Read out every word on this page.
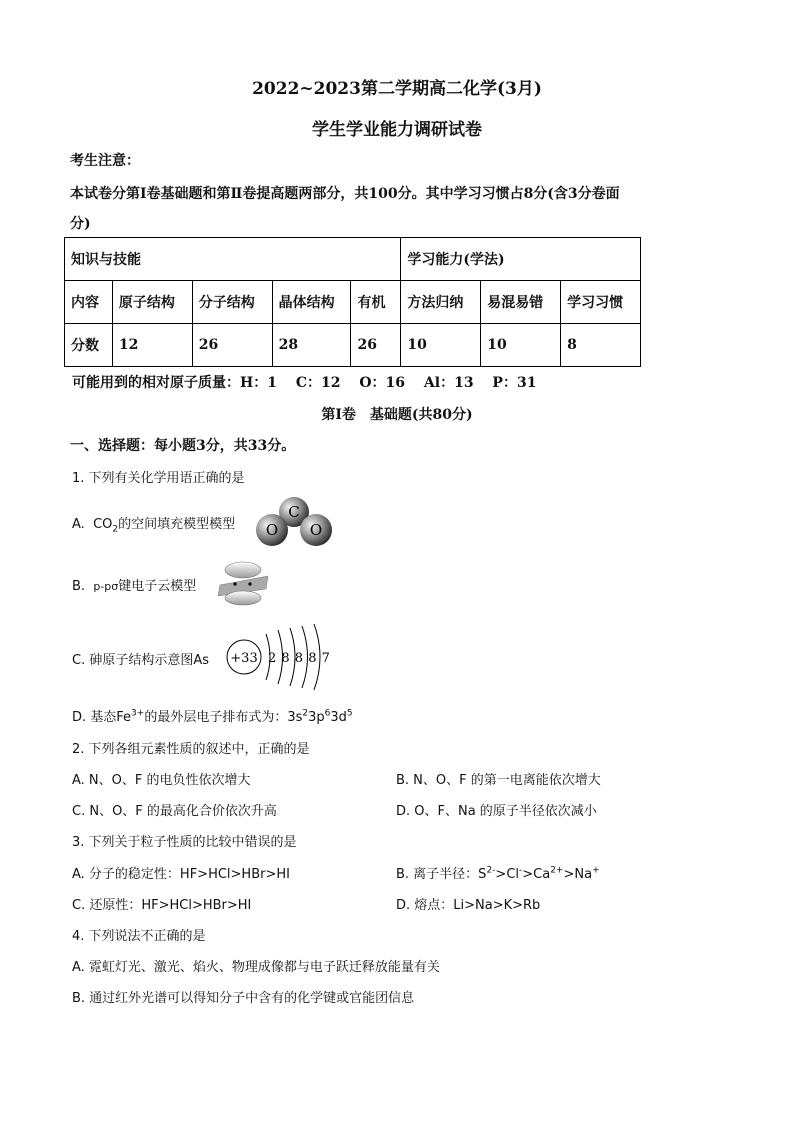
2022~2023第二学期高二化学(3月)
学生学业能力调研试卷
考生注意：
本试卷分第Ⅰ卷基础题和第Ⅱ卷提高题两部分，共100分。其中学习习惯占8分(含3分卷面
分)
知识与技能					学习能力(学法)		
内容	原子结构	分子结构	晶体结构	有机	方法归纳	易混易错	学习习惯
分数	12	26	28	26	10	10	8
可能用到的相对原子质量：H：1　 C：12　 O：16　 Al：13　 P：31
第Ⅰ卷　基础题(共80分)
一、选择题：每小题3分，共33分。
1. 下列有关化学用语正确的是
A. $CO_2$的空间填充模型模型 O
C
O
B. p-pσ键电子云模型
C. 砷原子结构示意图As +33 2 8 8 8 7
D. 基态$Fe^{3+}$的最外层电子排布式为：$3s^23p^63d^5$
2. 下列各组元素性质的叙述中，正确的是
A. N、O、F 的电负性依次增大	B. N、O、F 的第一电离能依次增大
C. N、O、F 的最高化合价依次升高	D. O、F、Na 的原子半径依次减小
3. 下列关于粒子性质的比较中错误的是
A. 分子的稳定性：HF>HCl>HBr>HI	B. 离子半径：$S^{2-}>Cl^->Ca^{2+}>Na^+$
C. 还原性：HF>HCl>HBr>HI	D. 熔点：Li>Na>K>Rb
4. 下列说法不正确的是
A. 霓虹灯光、激光、焰火、物理成像都与电子跃迁释放能量有关
B. 通过红外光谱可以得知分子中含有的化学键或官能团信息
